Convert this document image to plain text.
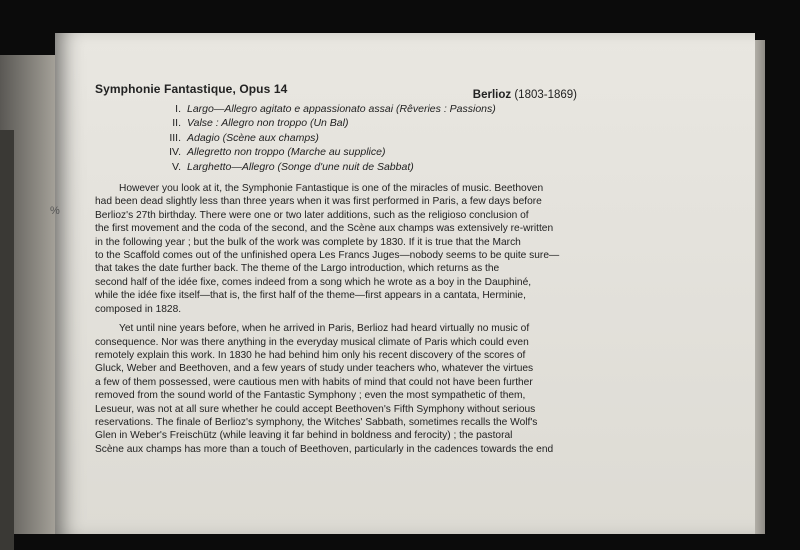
%
Symphonie Fantastique, Opus 14	Berlioz (1803-1869)
I. Largo—Allegro agitato e appassionato assai (Rêveries : Passions)
II. Valse : Allegro non troppo (Un Bal)
III. Adagio (Scène aux champs)
IV. Allegretto non troppo (Marche au supplice)
V. Larghetto—Allegro (Songe d'une nuit de Sabbat)
However you look at it, the Symphonie Fantastique is one of the miracles of music. Beethoven
had been dead slightly less than three years when it was first performed in Paris, a few days before
Berlioz's 27th birthday. There were one or two later additions, such as the religioso conclusion of
the first movement and the coda of the second, and the Scène aux champs was extensively re-written
in the following year ; but the bulk of the work was complete by 1830. If it is true that the March
to the Scaffold comes out of the unfinished opera Les Francs Juges—nobody seems to be quite sure—
that takes the date further back. The theme of the Largo introduction, which returns as the
second half of the idée fixe, comes indeed from a song which he wrote as a boy in the Dauphiné,
while the idée fixe itself—that is, the first half of the theme—first appears in a cantata, Herminie,
composed in 1828.
Yet until nine years before, when he arrived in Paris, Berlioz had heard virtually no music of
consequence. Nor was there anything in the everyday musical climate of Paris which could even
remotely explain this work. In 1830 he had behind him only his recent discovery of the scores of
Gluck, Weber and Beethoven, and a few years of study under teachers who, whatever the virtues
a few of them possessed, were cautious men with habits of mind that could not have been further
removed from the sound world of the Fantastic Symphony ; even the most sympathetic of them,
Lesueur, was not at all sure whether he could accept Beethoven's Fifth Symphony without serious
reservations. The finale of Berlioz's symphony, the Witches' Sabbath, sometimes recalls the Wolf's
Glen in Weber's Freischütz (while leaving it far behind in boldness and ferocity) ; the pastoral
Scène aux champs has more than a touch of Beethoven, particularly in the cadences towards the end
